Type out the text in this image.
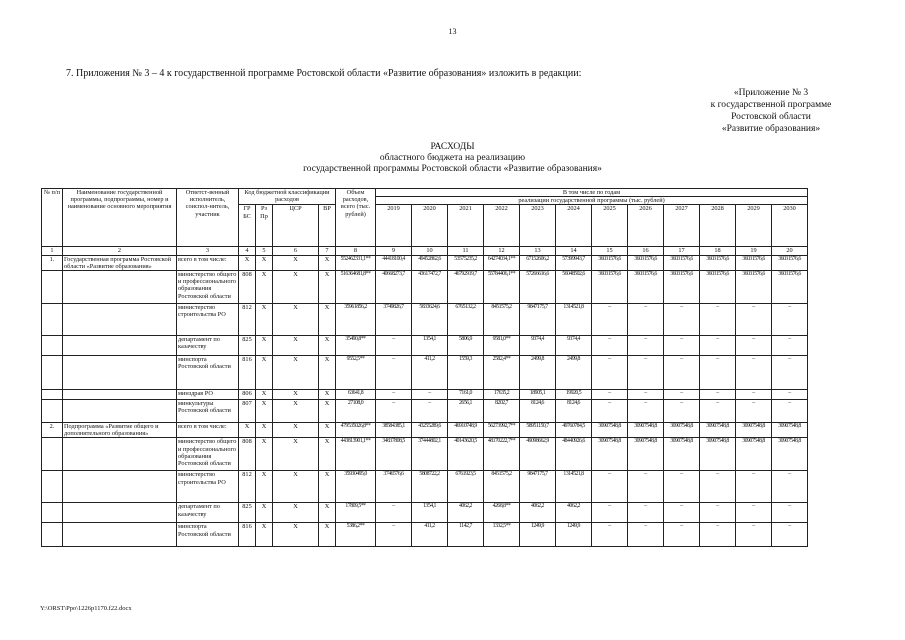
13
7. Приложения № 3 – 4 к государственной программе Ростовской области «Развитие образования» изложить в редакции:
«Приложение № 3
к государственной программе
Ростовской области
«Развитие образования»
РАСХОДЫ
областного бюджета на реализацию
государственной программы Ростовской области «Развитие образования»
№ п/п	Наименование государственной программы, подпрограммы, номер и наименование основного мероприятия	Ответст-венный исполнитель, соиспол-нитель, участник	Код бюджетной классификации расходов				Объем расходов, всего (тыс. рублей)	В том числе по годам											

								реализации государственной программы (тыс. рублей)											
			ГР БС	Рз Пр	ЦСР	ВР		2019	2020	2021	2022	2023	2024	2025	2026	2027	2028	2029	2030
1	2	3	4	5	6	7	8	9	10	11	12	13	14	15	16	17	18	19	20
1.	Государственная программа Ростовской области «Развитие образования»	всего в том числе:	X	X	X	X	552462331,1**	44418100,4	49452862,6	53575235,2	64274034,1**	67152606,2	57399943,7	36031576,6	36031576,6	36031576,6	36031576,6	36031576,6	36031576,6
		министерство общего и профессионального образования Ростовской области	808	X	X	X	516364681,8**	40668273,7	43617472,7	46792919,7	55784406,1**	57266616,6	56048502,6	36031576,6	36031576,6	36031576,6	36031576,6	36031576,6	36031576,6
		министерство строительства РО	812	X	X	X	35961856,2	3749826,7	5833624,6	6765132,2	8451575,2	9847175,7	1314521,8	–	–	–	–	–	–
		департамент по казачеству	825	X	X	X	35490,8**	–	1354,1	5806,9	9581,0**	9374,4	9374,4	–	–	–	–	–	–
		минспорта Ростовской области	816	X	X	X	9552,5**	–	411,2	1559,3	2582,4**	2499,8	2499,8	–	–	–	–	–	–
		минздрав РО	806	X	X	X	63641,8	–	–	7161,0	17635,2	18905,1	19920,5	–	–	–	–	–	–
		минкультуры Ростовской области	807	X	X	X	27108,0	–	–	2656,1	8202,7	8124,6	8124,6	–	–	–	–	–	–
2.	Подпрограмма «Развитие общего и дополнительного образования»	всего в том числе:	X	X	X	X	479535026,8**	38584385,1	43255289,6	46910748,9	56273992,7**	58951150,7	49760784,5	30907548,8	30907548,8	30907548,8	30907548,8	30907548,8	30907548,8
		министерство общего и профессионального образования Ростовской области	808	X	X	X	443813901,1**	34837808,5	37444802,1	40143620,5	48170222,7**	49098662,9	48440926,6	30907548,8	30907548,8	30907548,8	30907548,8	30907548,8	30907548,8
		министерство строительства РО	812	X	X	X	35930495,0	3746576,6	5808722,2	6761923,5	8451575,2	9847175,7	1314521,8	–	–	–	–	–	–
		департамент по казачеству	825	X	X	X	17809,5**	–	1354,1	4062,2	4268,8**	4062,2	4062,2	–	–	–	–	–	–
		минспорта Ростовской области	816	X	X	X	5386,2**	–	411,2	1142,7	1332,5**	1249,9	1249,9	–	–	–	–	–	–
Y:\ORST\Ppo\1226p1170.f22.docx
